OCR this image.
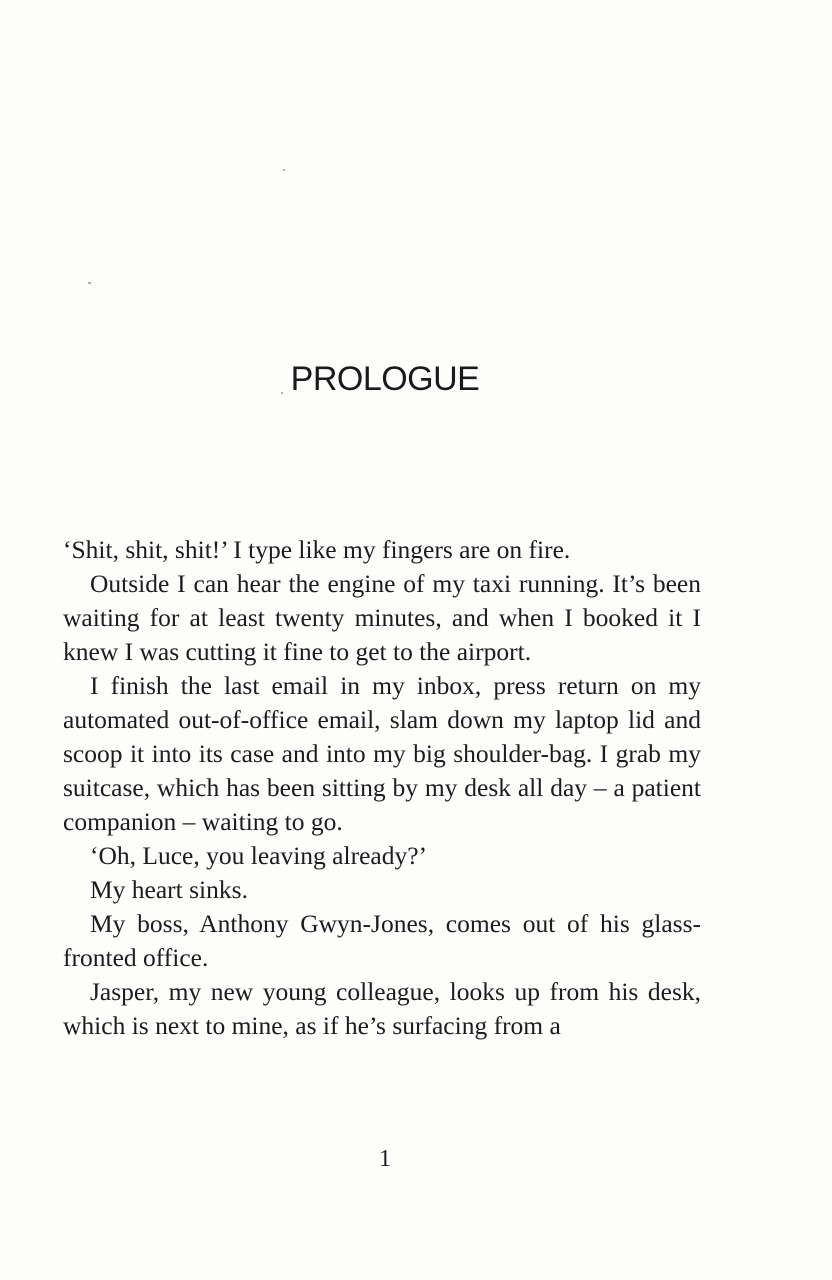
PROLOGUE

‘Shit, shit, shit!’ I type like my fingers are on fire.

Outside I can hear the engine of my taxi running. It’s been waiting for at least twenty minutes, and when I booked it I knew I was cutting it fine to get to the airport.

I finish the last email in my inbox, press return on my automated out-of-office email, slam down my laptop lid and scoop it into its case and into my big shoulder-bag. I grab my suitcase, which has been sitting by my desk all day – a patient companion – waiting to go.

‘Oh, Luce, you leaving already?’

My heart sinks.

My boss, Anthony Gwyn-Jones, comes out of his glass-fronted office.

Jasper, my new young colleague, looks up from his desk, which is next to mine, as if he’s surfacing from a

1
